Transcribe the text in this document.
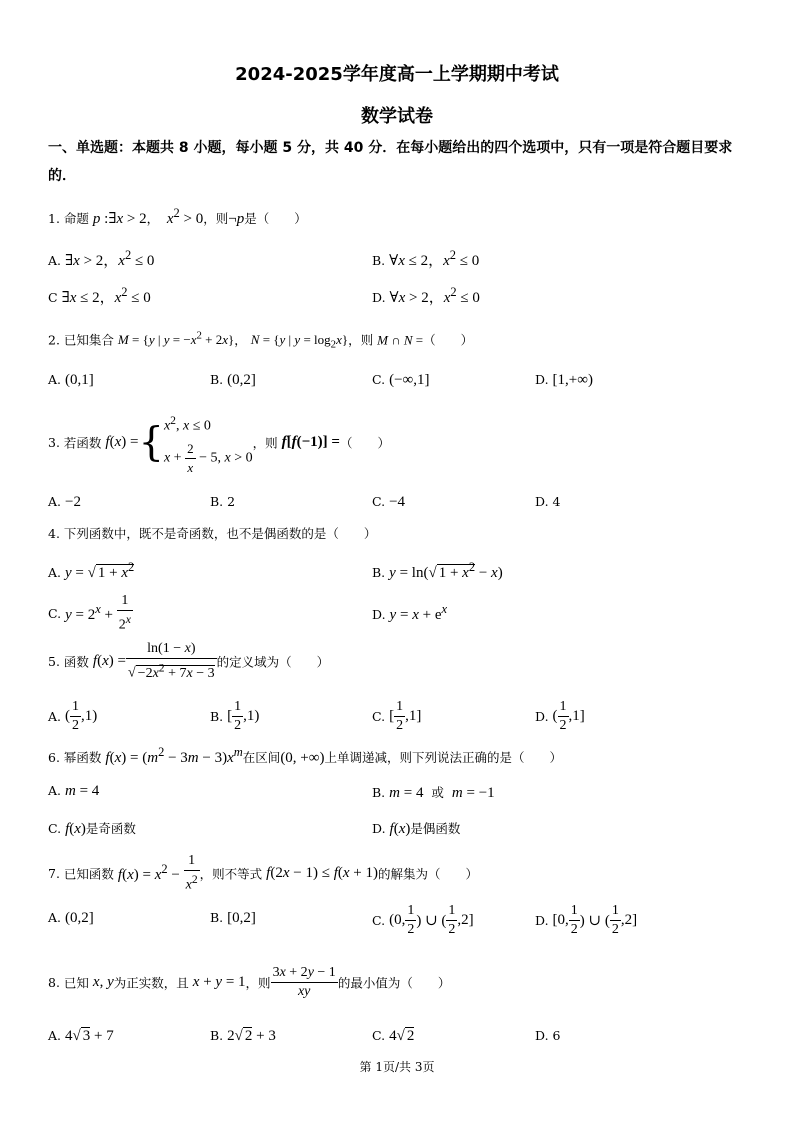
2024-2025学年度高一上学期期中考试
数学试卷
一、单选题：本题共 8 小题，每小题 5 分，共 40 分．在每小题给出的四个选项中，只有一项是符合题目要求的．
1. 命题 p :∃x > 2， $x^2 > 0$，则¬p是（　　）
A. ∃x > 2，$x^2 \le 0$	B. ∀x ≤ 2，$x^2 \le 0$
C ∃x ≤ 2，$x^2 \le 0$	D. ∀x > 2，$x^2 \le 0$
2. 已知集合 M = {y | $y = -x^2 + 2x$}， N = {y | $y = \log_2x$}，则 M ∩ N =（　　）
A. (0,1]	B. (0,2]	C. (−∞,1]	D. [1,+∞)
3. 若函数 $f(x) =\{x^2$, x ≤ 0
$x + \frac{2}{x} - 5$, x > 0，则 f[f(−1)] =（　　）
A. −2	B. 2	C. −4	D. 4
4. 下列函数中，既不是奇函数，也不是偶函数的是（　　）
A. y = √ $1 + x^2$	B. y = ln(√ $1 + x^2 - x$)
C. $y = 2^x + \frac{1}{2^x}$	D. $y = x + e^x$
5. 函数 $f(x) = \frac{\ln(1 - x)}{√ -2x^2 + 7x - 3}$ 的定义域为（　　）
A. ( $\frac{1}{2} ,1$)	B. [ $\frac{1}{2} ,1$)	C. [ $\frac{1}{2} ,1$]	D. ( $\frac{1}{2} ,1$]
6. 幂函数 $f(x) = (m^2 - 3m - 3)x^m$在区间(0, +∞)上单调递减，则下列说法正确的是（　　）
A. m = 4	B. m = 4 或 m = −1
C. f(x)是奇函数	D. f(x)是偶函数
7. 已知函数 $f(x) = x^2 - \frac{1}{x^2}$ ，则不等式 f(2x − 1) ≤ f(x + 1)的解集为（　　）
A. (0,2]	B. [0,2]	C. (0, $\frac{1}{2}$ ) ∪ ( $\frac{1}{2} ,2$]	D. [0, $\frac{1}{2}$ ) ∪ ( $\frac{1}{2} ,2$]
8. 已知 x, y为正实数，且 x + y = 1，则 $\frac{3x + 2y - 1}{xy}$ 的最小值为（　　）
A. 4√ 3 + 7	B. 2√ 2 + 3	C. 4√ 2	D. 6
第 1页/共 3页
